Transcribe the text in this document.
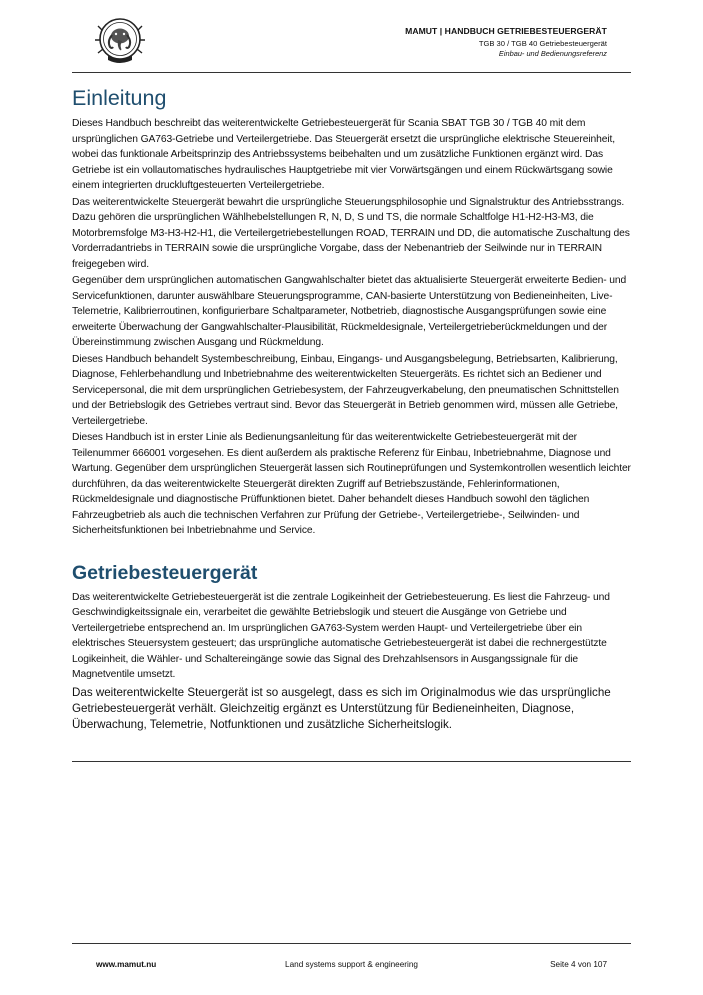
MAMUT | HANDBUCH GETRIEBESTEUERGERÄT
TGB 30 / TGB 40 Getriebesteuergerät
Einbau- und Bedienungsreferenz
Einleitung

Dieses Handbuch beschreibt das weiterentwickelte Getriebesteuergerät für Scania SBAT TGB 30 / TGB 40 mit dem ursprünglichen GA763-Getriebe und Verteilergetriebe. Das Steuergerät ersetzt die ursprüngliche elektrische Steuereinheit, wobei das funktionale Arbeitsprinzip des Antriebssystems beibehalten und um zusätzliche Funktionen ergänzt wird. Das Getriebe ist ein vollautomatisches hydraulisches Hauptgetriebe mit vier Vorwärtsgängen und einem Rückwärtsgang sowie einem integrierten druckluftgesteuerten Verteilergetriebe.

Das weiterentwickelte Steuergerät bewahrt die ursprüngliche Steuerungsphilosophie und Signalstruktur des Antriebsstrangs. Dazu gehören die ursprünglichen Wählhebelstellungen R, N, D, S und TS, die normale Schaltfolge H1-H2-H3-M3, die Motorbremsfolge M3-H3-H2-H1, die Verteilergetriebestellungen ROAD, TERRAIN und DD, die automatische Zuschaltung des Vorderradantriebs in TERRAIN sowie die ursprüngliche Vorgabe, dass der Nebenantrieb der Seilwinde nur in TERRAIN freigegeben wird.

Gegenüber dem ursprünglichen automatischen Gangwahlschalter bietet das aktualisierte Steuergerät erweiterte Bedien- und Servicefunktionen, darunter auswählbare Steuerungsprogramme, CAN-basierte Unterstützung von Bedieneinheiten, Live-Telemetrie, Kalibrierroutinen, konfigurierbare Schaltparameter, Notbetrieb, diagnostische Ausgangsprüfungen sowie eine erweiterte Überwachung der Gangwahlschalter-Plausibilität, Rückmeldesignale, Verteilergetrieberückmeldungen und der Übereinstimmung zwischen Ausgang und Rückmeldung.

Dieses Handbuch behandelt Systembeschreibung, Einbau, Eingangs- und Ausgangsbelegung, Betriebsarten, Kalibrierung, Diagnose, Fehlerbehandlung und Inbetriebnahme des weiterentwickelten Steuergeräts. Es richtet sich an Bediener und Servicepersonal, die mit dem ursprünglichen Getriebesystem, der Fahrzeugverkabelung, den pneumatischen Schnittstellen und der Betriebslogik des Getriebes vertraut sind. Bevor das Steuergerät in Betrieb genommen wird, müssen alle Getriebe, Verteilergetriebe.

Dieses Handbuch ist in erster Linie als Bedienungsanleitung für das weiterentwickelte Getriebesteuergerät mit der Teilenummer 666001 vorgesehen. Es dient außerdem als praktische Referenz für Einbau, Inbetriebnahme, Diagnose und Wartung. Gegenüber dem ursprünglichen Steuergerät lassen sich Routineprüfungen und Systemkontrollen wesentlich leichter durchführen, da das weiterentwickelte Steuergerät direkten Zugriff auf Betriebszustände, Fehlerinformationen, Rückmeldesignale und diagnostische Prüffunktionen bietet. Daher behandelt dieses Handbuch sowohl den täglichen Fahrzeugbetrieb als auch die technischen Verfahren zur Prüfung der Getriebe-, Verteilergetriebe-, Seilwinden- und Sicherheitsfunktionen bei Inbetriebnahme und Service.

Getriebesteuergerät

Das weiterentwickelte Getriebesteuergerät ist die zentrale Logikeinheit der Getriebesteuerung. Es liest die Fahrzeug- und Geschwindigkeitssignale ein, verarbeitet die gewählte Betriebslogik und steuert die Ausgänge von Getriebe und Verteilergetriebe entsprechend an. Im ursprünglichen GA763-System werden Haupt- und Verteilergetriebe über ein elektrisches Steuersystem gesteuert; das ursprüngliche automatische Getriebesteuergerät ist dabei die rechnergestützte Logikeinheit, die Wähler- und Schaltereingänge sowie das Signal des Drehzahlsensors in Ausgangssignale für die Magnetventile umsetzt.

Das weiterentwickelte Steuergerät ist so ausgelegt, dass es sich im Originalmodus wie das ursprüngliche Getriebesteuergerät verhält. Gleichzeitig ergänzt es Unterstützung für Bedieneinheiten, Diagnose, Überwachung, Telemetrie, Notfunktionen und zusätzliche Sicherheitslogik.

Land systems support & engineering
www.mamut.nu	Seite 4 von 107
